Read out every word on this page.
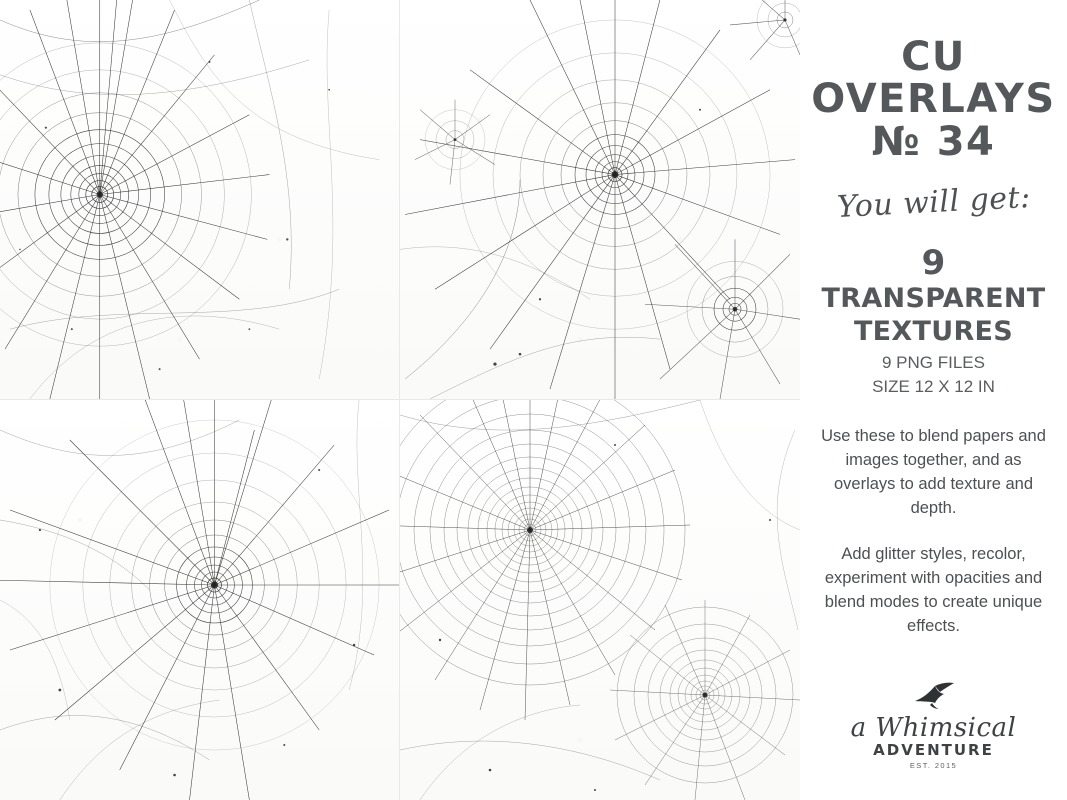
CU
OVERLAYS
№ 34
You will get:
9
TRANSPARENT
TEXTURES
9 PNG FILES
SIZE 12 X 12 IN
Use these to blend papers and images together, and as overlays to add texture and depth.
Add glitter styles, recolor, experiment with opacities and blend modes to create unique effects.
a Whimsical
ADVENTURE
EST. 2015
